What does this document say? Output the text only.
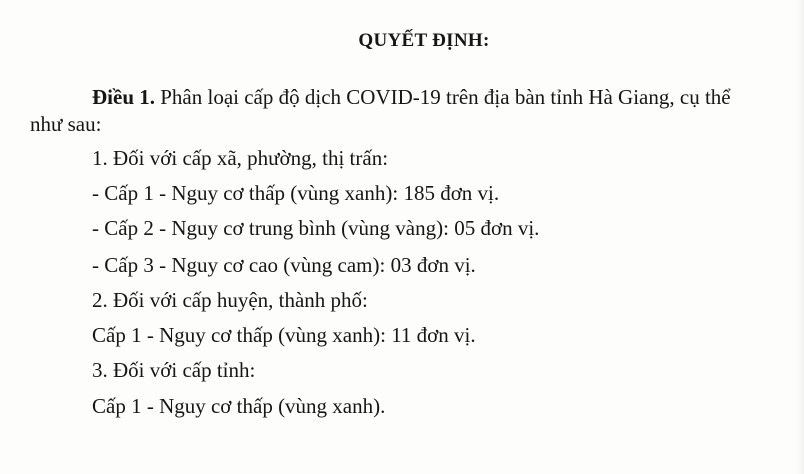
QUYẾT ĐỊNH:
Điều 1. Phân loại cấp độ dịch COVID-19 trên địa bàn tỉnh Hà Giang, cụ thể như sau:
1. Đối với cấp xã, phường, thị trấn:
- Cấp 1 - Nguy cơ thấp (vùng xanh): 185 đơn vị.
- Cấp 2 - Nguy cơ trung bình (vùng vàng): 05 đơn vị.
- Cấp 3 - Nguy cơ cao (vùng cam): 03 đơn vị.
2. Đối với cấp huyện, thành phố:
Cấp 1 - Nguy cơ thấp (vùng xanh): 11 đơn vị.
3. Đối với cấp tỉnh:
Cấp 1 - Nguy cơ thấp (vùng xanh).
